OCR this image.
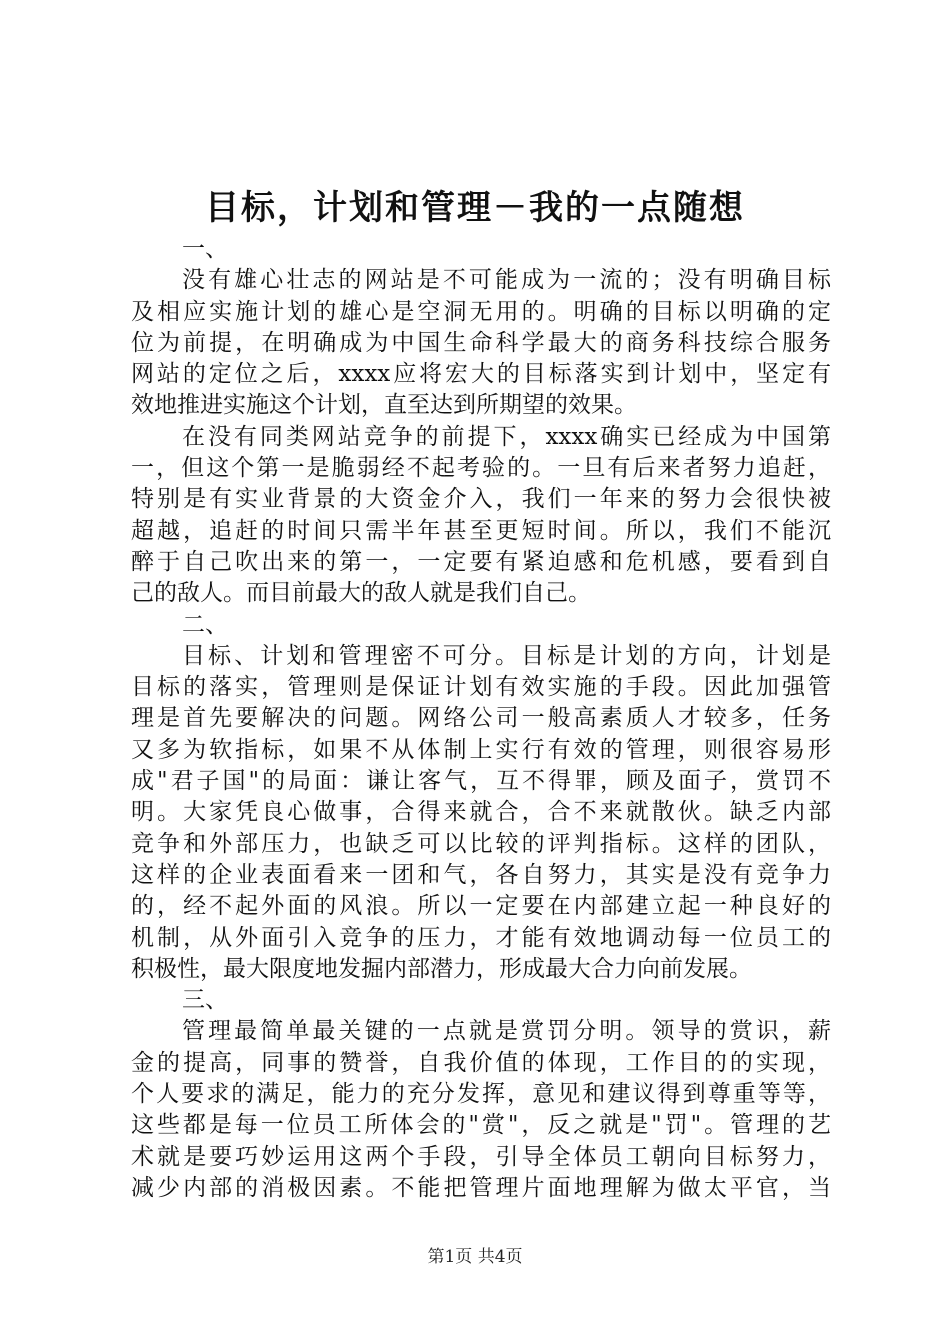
目标，计划和管理－我的一点随想
一、
没有雄心壮志的网站是不可能成为一流的；没有明确目标
及相应实施计划的雄心是空洞无用的。明确的目标以明确的定
位为前提，在明确成为中国生命科学最大的商务科技综合服务
网站的定位之后，xxxx应将宏大的目标落实到计划中，坚定有
效地推进实施这个计划，直至达到所期望的效果。
在没有同类网站竞争的前提下，xxxx确实已经成为中国第
一，但这个第一是脆弱经不起考验的。一旦有后来者努力追赶，
特别是有实业背景的大资金介入，我们一年来的努力会很快被
超越，追赶的时间只需半年甚至更短时间。所以，我们不能沉
醉于自己吹出来的第一，一定要有紧迫感和危机感，要看到自
己的敌人。而目前最大的敌人就是我们自己。
二、
目标、计划和管理密不可分。目标是计划的方向，计划是
目标的落实，管理则是保证计划有效实施的手段。因此加强管
理是首先要解决的问题。网络公司一般高素质人才较多，任务
又多为软指标，如果不从体制上实行有效的管理，则很容易形
成"君子国"的局面：谦让客气，互不得罪，顾及面子，赏罚不
明。大家凭良心做事，合得来就合，合不来就散伙。缺乏内部
竞争和外部压力，也缺乏可以比较的评判指标。这样的团队，
这样的企业表面看来一团和气，各自努力，其实是没有竞争力
的，经不起外面的风浪。所以一定要在内部建立起一种良好的
机制，从外面引入竞争的压力，才能有效地调动每一位员工的
积极性，最大限度地发掘内部潜力，形成最大合力向前发展。
三、
管理最简单最关键的一点就是赏罚分明。领导的赏识，薪
金的提高，同事的赞誉，自我价值的体现，工作目的的实现，
个人要求的满足，能力的充分发挥，意见和建议得到尊重等等，
这些都是每一位员工所体会的"赏"，反之就是"罚"。管理的艺
术就是要巧妙运用这两个手段，引导全体员工朝向目标努力，
减少内部的消极因素。不能把管理片面地理解为做太平官，当
第1页 共4页
